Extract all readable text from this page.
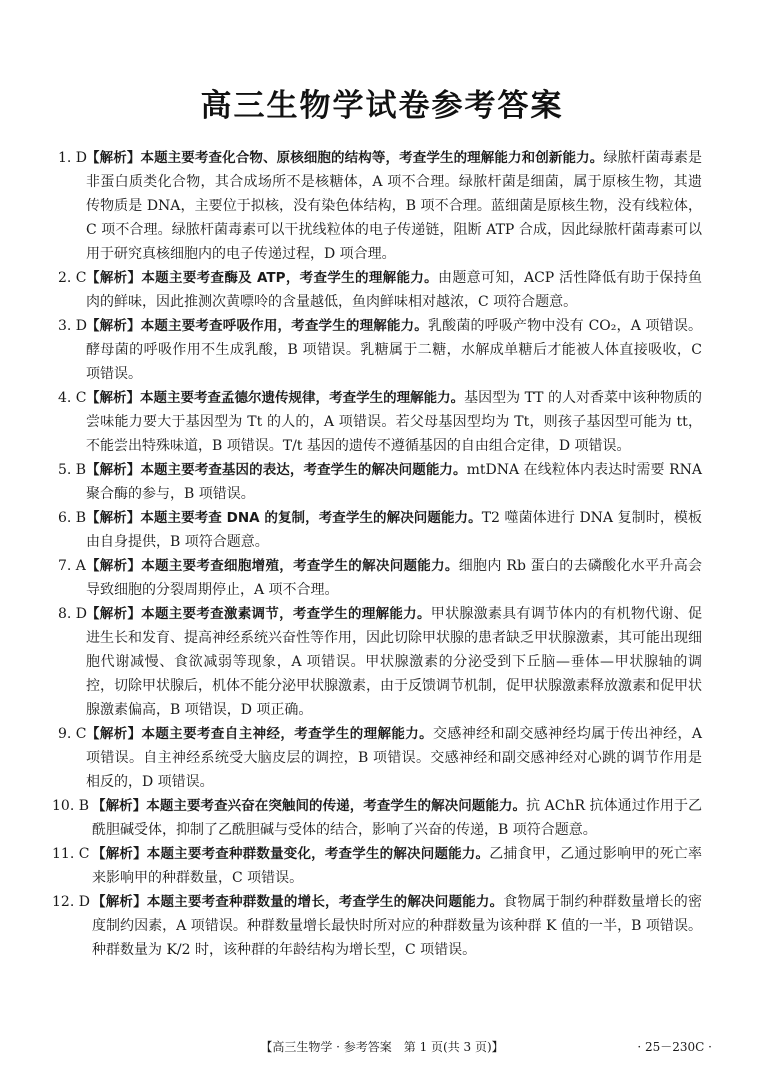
高三生物学试卷参考答案

1. D
【解析】本题主要考查化合物、原核细胞的结构等，考查学生的理解能力和创新能力。绿脓杆菌毒素是非蛋白质类化合物，其合成场所不是核糖体，A 项不合理。绿脓杆菌是细菌，属于原核生物，其遗传物质是 DNA，主要位于拟核，没有染色体结构，B 项不合理。蓝细菌是原核生物，没有线粒体，C 项不合理。绿脓杆菌毒素可以干扰线粒体的电子传递链，阻断 ATP 合成，因此绿脓杆菌毒素可以用于研究真核细胞内的电子传递过程，D 项合理。

2. C 【解析】本题主要考查酶及 ATP，考查学生的理解能力。由题意可知，ACP 活性降低有助于保持鱼肉的鲜味，因此推测次黄嘌呤的含量越低，鱼肉鲜味相对越浓，C 项符合题意。

3. D
【解析】本题主要考查呼吸作用，考查学生的理解能力。乳酸菌的呼吸产物中没有 CO₂，A 项错误。酵母菌的呼吸作用不生成乳酸，B 项错误。乳糖属于二糖，水解成单糖后才能被人体直接吸收，C 项错误。

4. C 【解析】本题主要考查孟德尔遗传规律，考查学生的理解能力。基因型为 TT 的人对香菜中该种物质的尝味能力要大于基因型为 Tt 的人的，A 项错误。若父母基因型均为 Tt，则孩子基因型可能为 tt，不能尝出特殊味道，B 项错误。T/t 基因的遗传不遵循基因的自由组合定律，D 项错误。

5. B 【解析】本题主要考查基因的表达，考查学生的解决问题能力。mtDNA 在线粒体内表达时需要 RNA 聚合酶的参与，B 项错误。

6. B 【解析】本题主要考查 DNA 的复制，考查学生的解决问题能力。T2 噬菌体进行 DNA 复制时，模板由自身提供，B 项符合题意。

7. A 【解析】本题主要考查细胞增殖，考查学生的解决问题能力。细胞内 Rb 蛋白的去磷酸化水平升高会导致细胞的分裂周期停止，A 项不合理。

8. D
【解析】本题主要考查激素调节，考查学生的理解能力。甲状腺激素具有调节体内的有机物代谢、促进生长和发育、提高神经系统兴奋性等作用，因此切除甲状腺的患者缺乏甲状腺激素，其可能出现细胞代谢减慢、食欲减弱等现象，A 项错误。甲状腺激素的分泌受到下丘脑—垂体—甲状腺轴的调控，切除甲状腺后，机体不能分泌甲状腺激素，由于反馈调节机制，促甲状腺激素释放激素和促甲状腺激素偏高，B 项错误，D 项正确。

9. C 【解析】本题主要考查自主神经，考查学生的理解能力。交感神经和副交感神经均属于传出神经，A 项错误。自主神经系统受大脑皮层的调控，B 项错误。交感神经和副交感神经对心跳的调节作用是相反的，D 项错误。

10. B 【解析】本题主要考查兴奋在突触间的传递，考查学生的解决问题能力。抗 AChR 抗体通过作用于乙酰胆碱受体，抑制了乙酰胆碱与受体的结合，影响了兴奋的传递，B 项符合题意。

11. C 【解析】本题主要考查种群数量变化，考查学生的解决问题能力。乙捕食甲，乙通过影响甲的死亡率来影响甲的种群数量，C 项错误。

12. D 【解析】本题主要考查种群数量的增长，考查学生的解决问题能力。食物属于制约种群数量增长的密度制约因素，A 项错误。种群数量增长最快时所对应的种群数量为该种群 K 值的一半，B 项错误。种群数量为 K/2 时，该种群的年龄结构为增长型，C 项错误。

【高三生物学 · 参考答案　第 1 页(共 3 页)】	· 25－230C ·
